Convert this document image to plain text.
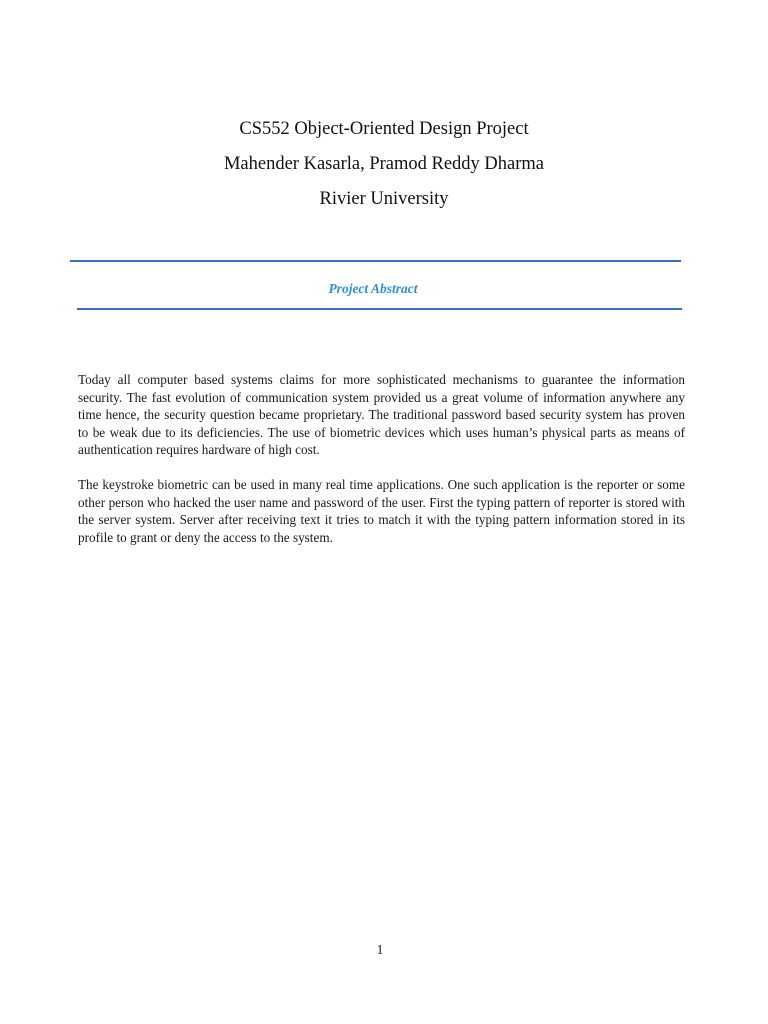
CS552 Object-Oriented Design Project

Mahender Kasarla, Pramod Reddy Dharma

Rivier University

Project Abstract

Today all computer based systems claims for more sophisticated mechanisms to guarantee the information security. The fast evolution of communication system provided us a great volume of information anywhere any time hence, the security question became proprietary. The traditional password based security system has proven to be weak due to its deficiencies. The use of biometric devices which uses human’s physical parts as means of authentication requires hardware of high cost.

The keystroke biometric can be used in many real time applications. One such application is the reporter or some other person who hacked the user name and password of the user. First the typing pattern of reporter is stored with the server system. Server after receiving text it tries to match it with the typing pattern information stored in its profile to grant or deny the access to the system.

1
